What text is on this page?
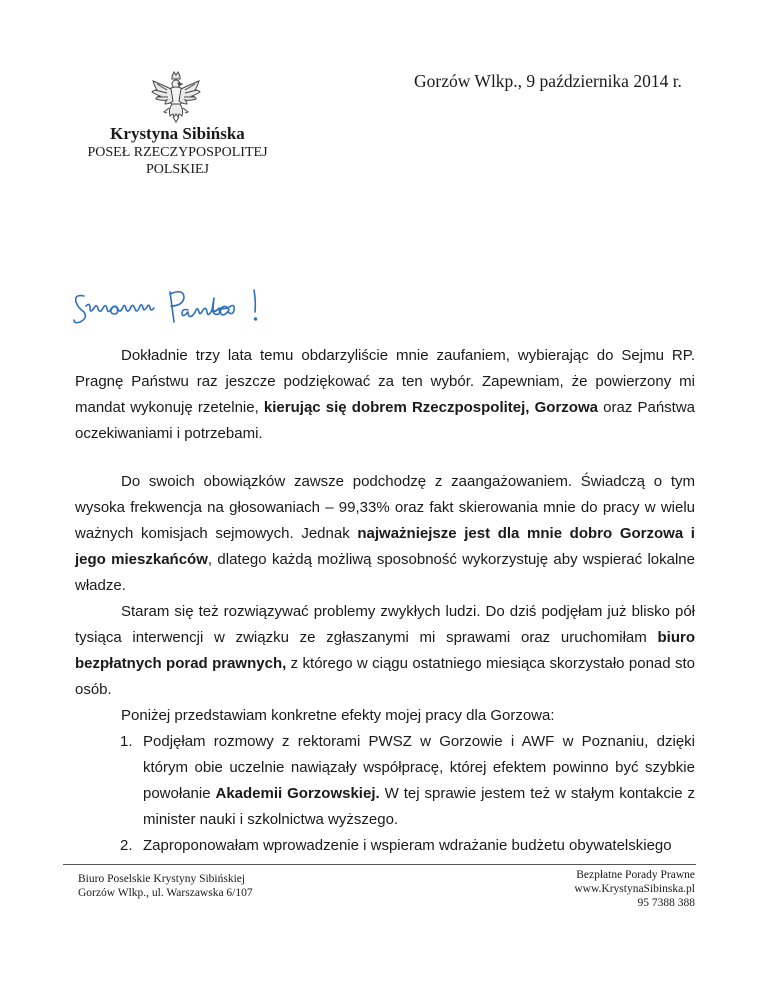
Gorzów Wlkp., 9 października 2014 r.
Krystyna Sibińska
POSEŁ RZECZYPOSPOLITEJ
POLSKIEJ
Szanowni Państwo!

Dokładnie trzy lata temu obdarzyliście mnie zaufaniem, wybierając do Sejmu RP. Pragnę Państwu raz jeszcze podziękować za ten wybór. Zapewniam, że powierzony mi mandat wykonuję rzetelnie, kierując się dobrem Rzeczpospolitej, Gorzowa oraz Państwa oczekiwaniami i potrzebami.

Do swoich obowiązków zawsze podchodzę z zaangażowaniem. Świadczą o tym wysoka frekwencja na głosowaniach – 99,33% oraz fakt skierowania mnie do pracy w wielu ważnych komisjach sejmowych. Jednak najważniejsze jest dla mnie dobro Gorzowa i jego mieszkańców, dlatego każdą możliwą sposobność wykorzystuję aby wspierać lokalne władze.

Staram się też rozwiązywać problemy zwykłych ludzi. Do dziś podjęłam już blisko pół tysiąca interwencji w związku ze zgłaszanymi mi sprawami oraz uruchomiłam biuro bezpłatnych porad prawnych, z którego w ciągu ostatniego miesiąca skorzystało ponad sto osób.

Poniżej przedstawiam konkretne efekty mojej pracy dla Gorzowa:

1. Podjęłam rozmowy z rektorami PWSZ w Gorzowie i AWF w Poznaniu, dzięki którym obie uczelnie nawiązały współpracę, której efektem powinno być szybkie powołanie Akademii Gorzowskiej. W tej sprawie jestem też w stałym kontakcie z minister nauki i szkolnictwa wyższego.
2. Zaproponowałam wprowadzenie i wspieram wdrażanie budżetu obywatelskiego
Biuro Poselskie Krystyny Sibińskiej
Gorzów Wlkp., ul. Warszawska 6/107
Bezpłatne Porady Prawne
www.KrystynaSibinska.pl
95 7388 388
